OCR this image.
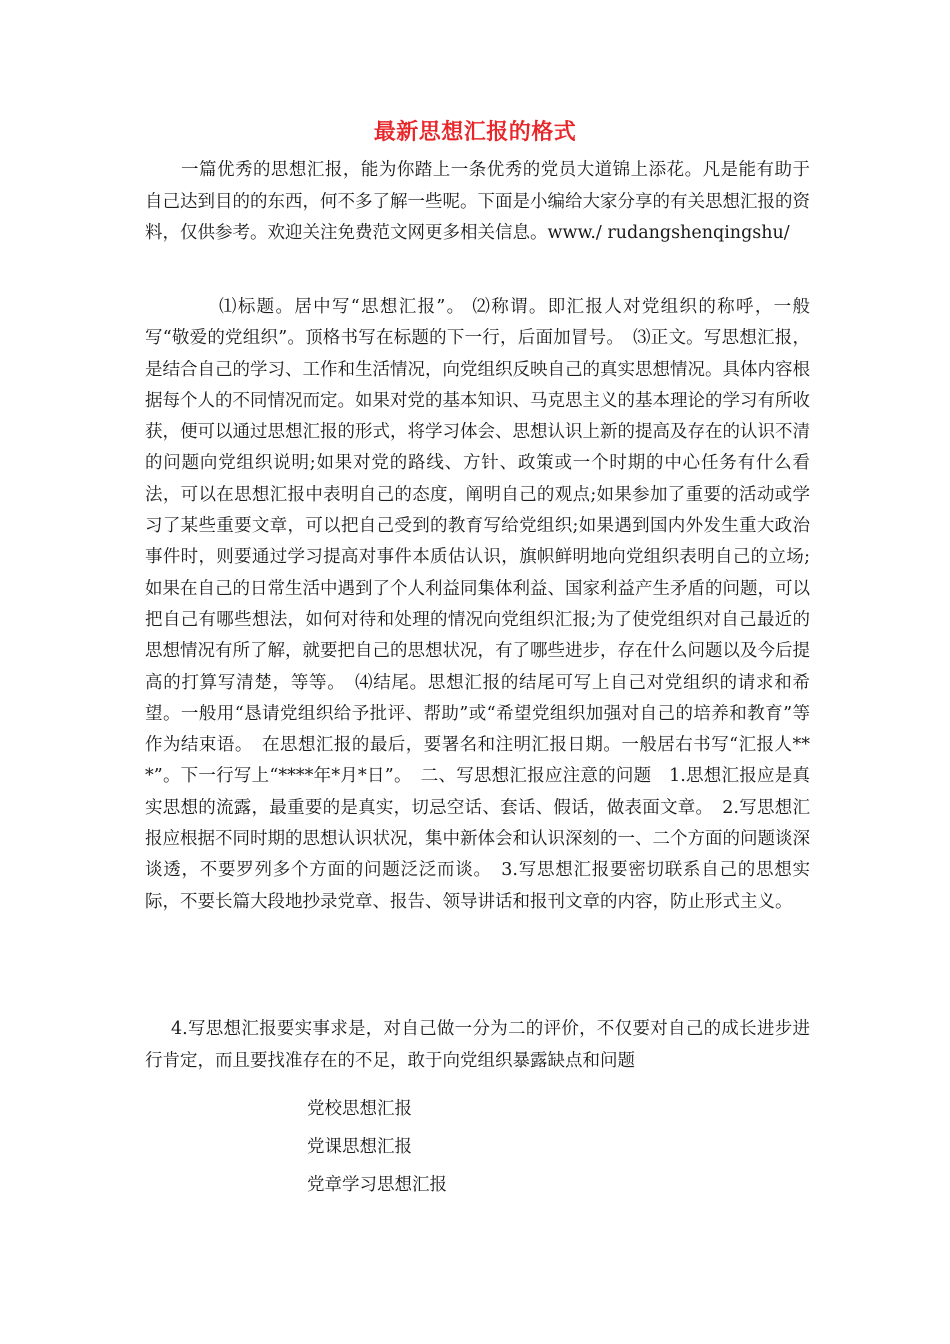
最新思想汇报的格式
一篇优秀的思想汇报，能为你踏上一条优秀的党员大道锦上添花。凡是能有助于自己达到目的的东西，何不多了解一些呢。下面是小编给大家分享的有关思想汇报的资料，仅供参考。欢迎关注免费范文网更多相关信息。www./ rudangshenqingshu/
⑴标题。居中写“思想汇报”。 ⑵称谓。即汇报人对党组织的称呼，一般写“敬爱的党组织”。顶格书写在标题的下一行，后面加冒号。　⑶正文。写思想汇报，是结合自己的学习、工作和生活情况，向党组织反映自己的真实思想情况。具体内容根据每个人的不同情况而定。如果对党的基本知识、马克思主义的基本理论的学习有所收获，便可以通过思想汇报的形式，将学习体会、思想认识上新的提高及存在的认识不清的问题向党组织说明;如果对党的路线、方针、政策或一个时期的中心任务有什么看法，可以在思想汇报中表明自己的态度，阐明自己的观点;如果参加了重要的活动或学习了某些重要文章，可以把自己受到的教育写给党组织;如果遇到国内外发生重大政治事件时，则要通过学习提高对事件本质估认识，旗帜鲜明地向党组织表明自己的立场;如果在自己的日常生活中遇到了个人利益同集体利益、国家利益产生矛盾的问题，可以把自己有哪些想法，如何对待和处理的情况向党组织汇报;为了使党组织对自己最近的思想情况有所了解，就要把自己的思想状况，有了哪些进步，存在什么问题以及今后提高的打算写清楚，等等。　⑷结尾。思想汇报的结尾可写上自己对党组织的请求和希望。一般用“恳请党组织给予批评、帮助”或“希望党组织加强对自己的培养和教育”等作为结束语。　在思想汇报的最后，要署名和注明汇报日期。一般居右书写“汇报人***”。下一行写上“****年*月*日”。　二、写思想汇报应注意的问题　1.思想汇报应是真实思想的流露，最重要的是真实，切忌空话、套话、假话，做表面文章。　2.写思想汇报应根据不同时期的思想认识状况，集中新体会和认识深刻的一、二个方面的问题谈深谈透，不要罗列多个方面的问题泛泛而谈。　3.写思想汇报要密切联系自己的思想实际，不要长篇大段地抄录党章、报告、领导讲话和报刊文章的内容，防止形式主义。
4.写思想汇报要实事求是，对自己做一分为二的评价，不仅要对自己的成长进步进行肯定，而且要找准存在的不足，敢于向党组织暴露缺点和问题
党校思想汇报
党课思想汇报
党章学习思想汇报
